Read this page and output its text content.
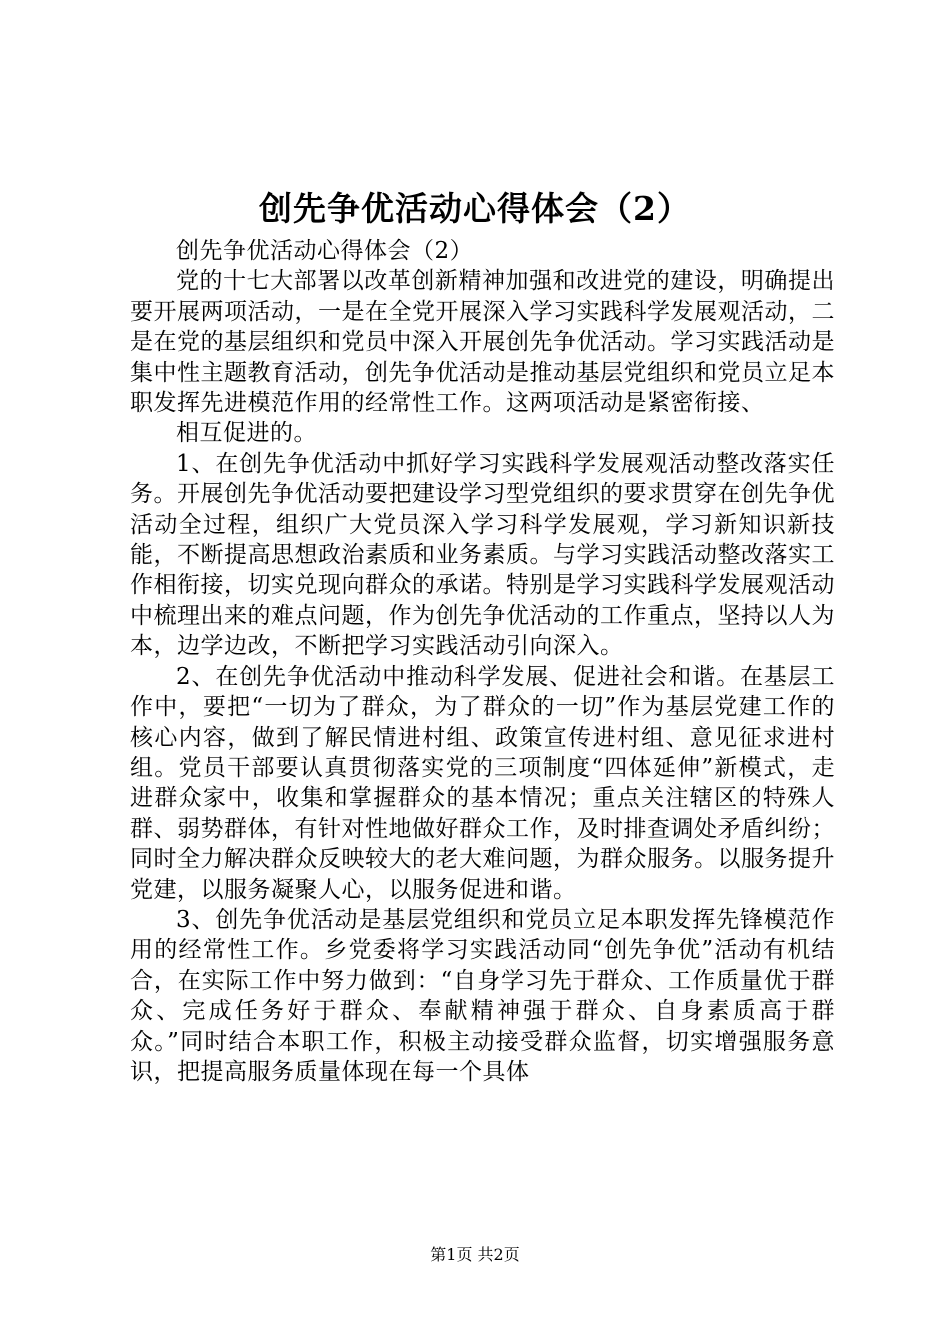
创先争优活动心得体会（2）

创先争优活动心得体会（2）

党的十七大部署以改革创新精神加强和改进党的建设，明确提出要开展两项活动，一是在全党开展深入学习实践科学发展观活动，二是在党的基层组织和党员中深入开展创先争优活动。学习实践活动是集中性主题教育活动，创先争优活动是推动基层党组织和党员立足本职发挥先进模范作用的经常性工作。这两项活动是紧密衔接、

相互促进的。

1、在创先争优活动中抓好学习实践科学发展观活动整改落实任务。开展创先争优活动要把建设学习型党组织的要求贯穿在创先争优活动全过程，组织广大党员深入学习科学发展观，学习新知识新技能，不断提高思想政治素质和业务素质。与学习实践活动整改落实工作相衔接，切实兑现向群众的承诺。特别是学习实践科学发展观活动中梳理出来的难点问题，作为创先争优活动的工作重点，坚持以人为本，边学边改，不断把学习实践活动引向深入。

2、在创先争优活动中推动科学发展、促进社会和谐。在基层工作中，要把“一切为了群众，为了群众的一切”作为基层党建工作的核心内容，做到了解民情进村组、政策宣传进村组、意见征求进村组。党员干部要认真贯彻落实党的三项制度“四体延伸”新模式，走进群众家中，收集和掌握群众的基本情况；重点关注辖区的特殊人群、弱势群体，有针对性地做好群众工作，及时排查调处矛盾纠纷；同时全力解决群众反映较大的老大难问题，为群众服务。以服务提升党建，以服务凝聚人心，以服务促进和谐。

3、创先争优活动是基层党组织和党员立足本职发挥先锋模范作用的经常性工作。乡党委将学习实践活动同“创先争优”活动有机结合，在实际工作中努力做到：“自身学习先于群众、工作质量优于群众、完成任务好于群众、奉献精神强于群众、自身素质高于群众。”同时结合本职工作，积极主动接受群众监督，切实增强服务意识，把提高服务质量体现在每一个具体

第1页 共2页
